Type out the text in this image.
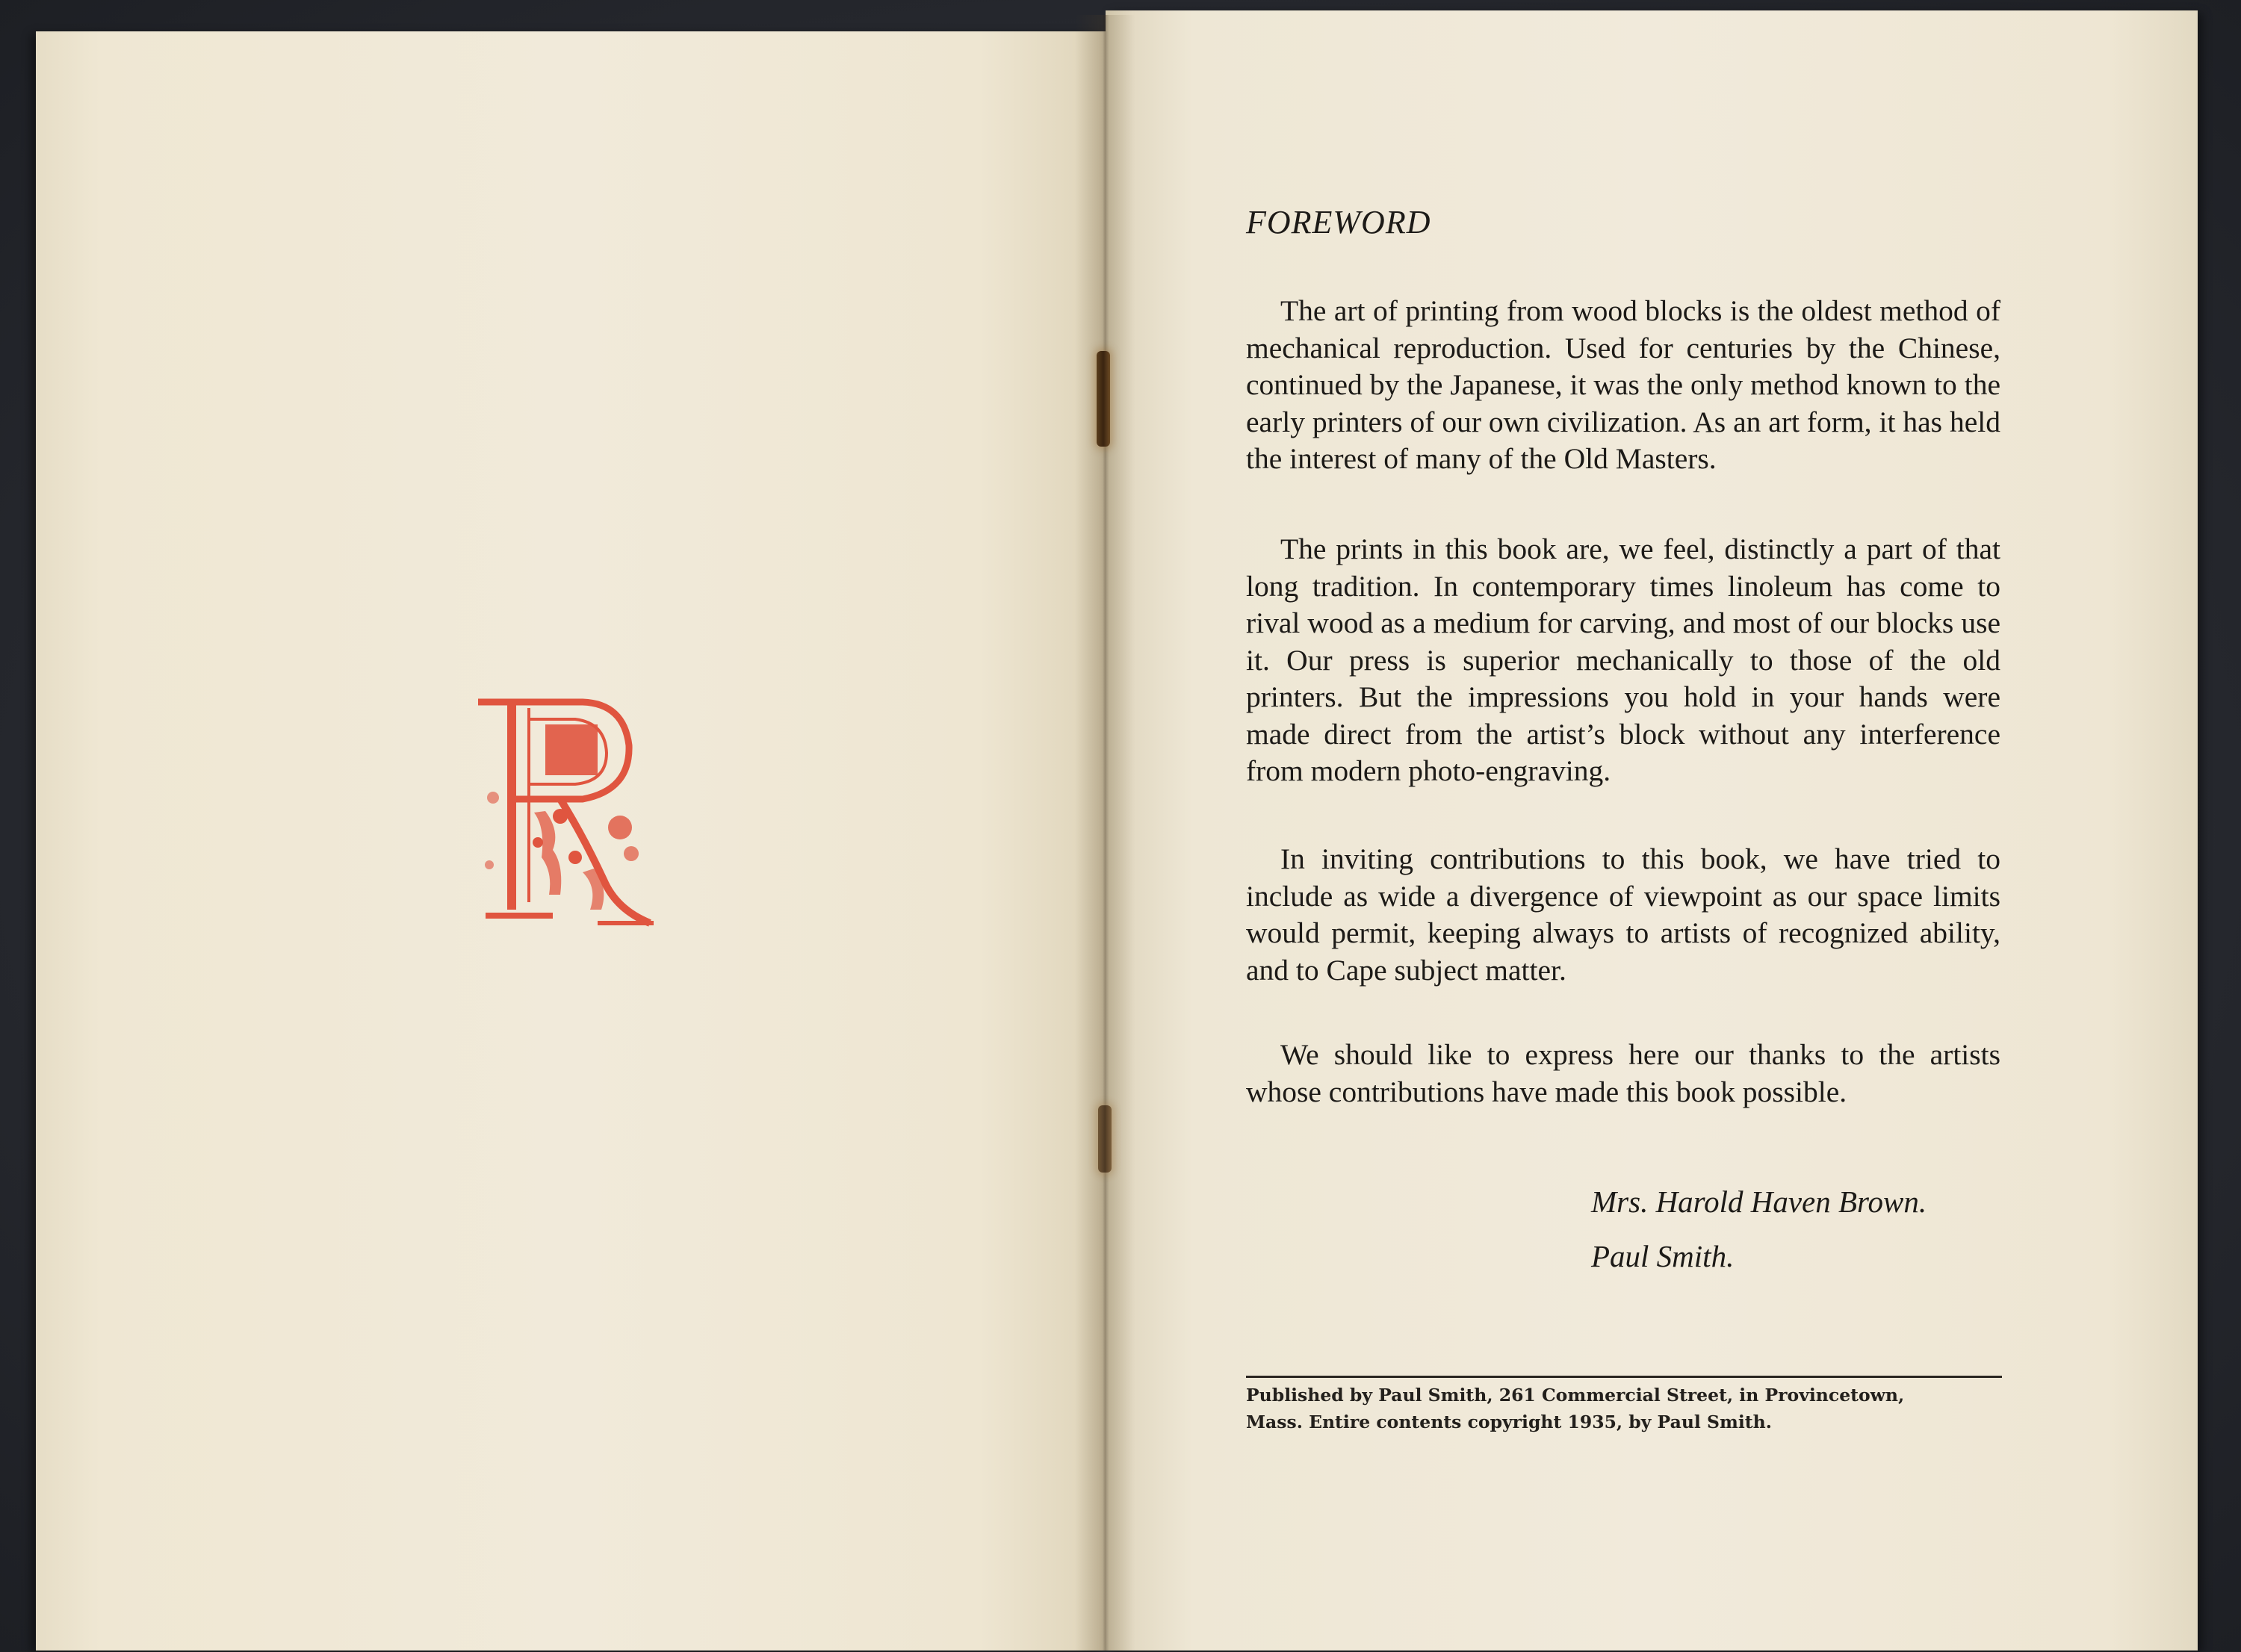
FOREWORD

The art of printing from wood blocks is the oldest method of mechanical reproduction. Used for centuries by the Chinese, continued by the Japanese, it was the only method known to the early printers of our own civilization. As an art form, it has held the interest of many of the Old Masters.

The prints in this book are, we feel, distinctly a part of that long tradition. In contemporary times linoleum has come to rival wood as a medium for carving, and most of our blocks use it. Our press is superior mechanically to those of the old printers. But the impressions you hold in your hands were made direct from the artist’s block without any interference from modern photo-engraving.

In inviting contributions to this book, we have tried to include as wide a divergence of viewpoint as our space limits would permit, keeping always to artists of recognized ability, and to Cape subject matter.

We should like to express here our thanks to the artists whose contributions have made this book possible.

Mrs. Harold Haven Brown.
Paul Smith.
Published by Paul Smith, 261 Commercial Street, in Provincetown,
Mass. Entire contents copyright 1935, by Paul Smith.
